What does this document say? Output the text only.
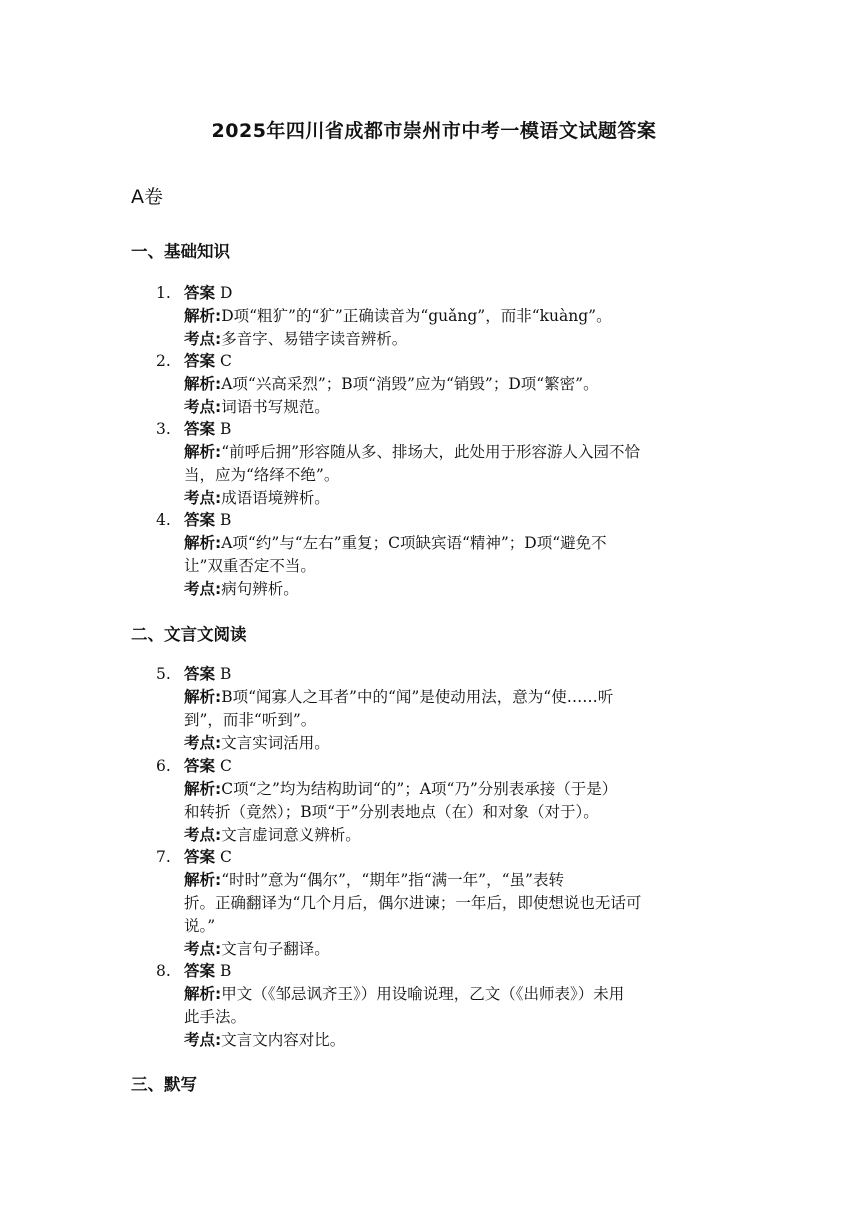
2025年四川省成都市崇州市中考一模语文试题答案
A卷
一、基础知识
1. 答案 D
解析:D项“粗犷”的“犷”正确读音为“guǎng”，而非“kuàng”。
考点:多音字、易错字读音辨析。
2. 答案 C
解析:A项“兴高采烈”；B项“消毁”应为“销毁”；D项“繁密”。
考点:词语书写规范。
3. 答案 B
解析:“前呼后拥”形容随从多、排场大，此处用于形容游人入园不恰
当，应为“络绎不绝”。
考点:成语语境辨析。
4. 答案 B
解析:A项“约”与“左右”重复；C项缺宾语“精神”；D项“避免不
让”双重否定不当。
考点:病句辨析。
二、文言文阅读
5. 答案 B
解析:B项“闻寡人之耳者”中的“闻”是使动用法，意为“使……听
到”，而非“听到”。
考点:文言实词活用。
6. 答案 C
解析:C项“之”均为结构助词“的”；A项“乃”分别表承接（于是）
和转折（竟然）；B项“于”分别表地点（在）和对象（对于）。
考点:文言虚词意义辨析。
7. 答案 C
解析:“时时”意为“偶尔”，“期年”指“满一年”，“虽”表转
折。正确翻译为“几个月后，偶尔进谏；一年后，即使想说也无话可
说。”
考点:文言句子翻译。
8. 答案 B
解析:甲文（《邹忌讽齐王》）用设喻说理，乙文（《出师表》）未用
此手法。
考点:文言文内容对比。
三、默写
